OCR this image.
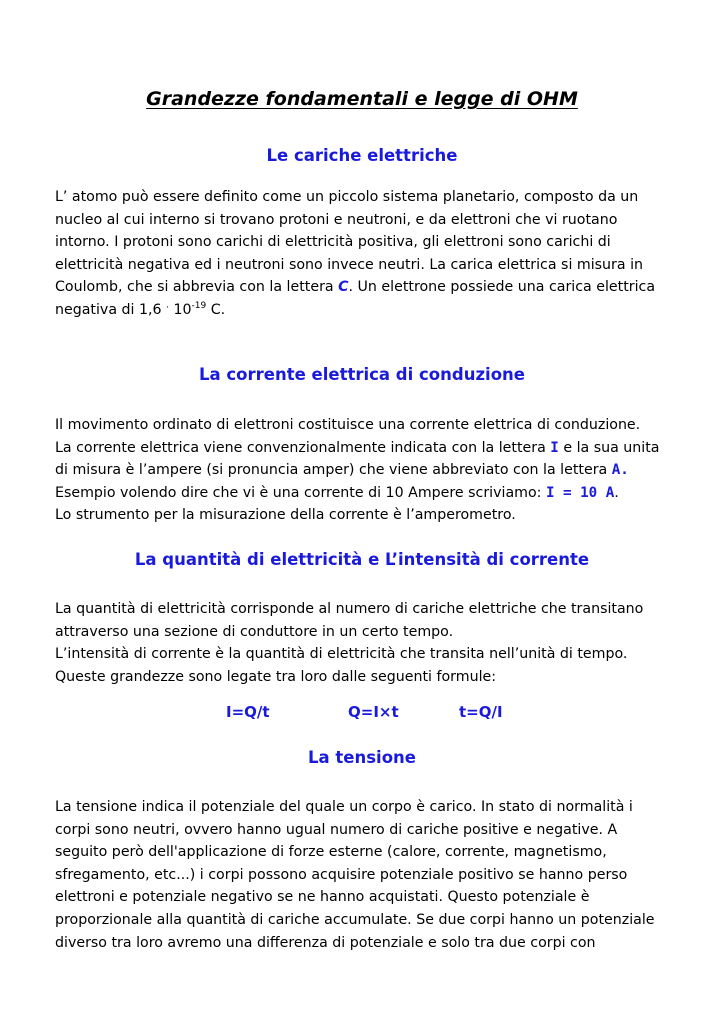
Grandezze fondamentali e legge di OHM
Le cariche elettriche
L’ atomo può essere definito come un piccolo sistema planetario, composto da un
nucleo al cui interno si trovano protoni e neutroni, e da elettroni che vi ruotano
intorno. I protoni sono carichi di elettricità positiva, gli elettroni sono carichi di
elettricità negativa ed i neutroni sono invece neutri. La carica elettrica si misura in
Coulomb, che si abbrevia con la lettera C. Un elettrone possiede una carica elettrica
negativa di 1,6 · $10^{-19}$ C.
La corrente elettrica di conduzione
Il movimento ordinato di elettroni costituisce una corrente elettrica di conduzione.
La corrente elettrica viene convenzionalmente indicata con la lettera I e la sua unita
di misura è l’ampere (si pronuncia amper) che viene abbreviato con la lettera A.
Esempio volendo dire che vi è una corrente di 10 Ampere scriviamo: I = 10 A.
Lo strumento per la misurazione della corrente è l’amperometro.
La quantità di elettricità e L’intensità di corrente
La quantità di elettricità corrisponde al numero di cariche elettriche che transitano
attraverso una sezione di conduttore in un certo tempo.
L’intensità di corrente è la quantità di elettricità che transita nell’unità di tempo.
Queste grandezze sono legate tra loro dalle seguenti formule:
I=Q/t	Q=I×t	t=Q/I
La tensione
La tensione indica il potenziale del quale un corpo è carico. In stato di normalità i
corpi sono neutri, ovvero hanno ugual numero di cariche positive e negative. A
seguito però dell'applicazione di forze esterne (calore, corrente, magnetismo,
sfregamento, etc...) i corpi possono acquisire potenziale positivo se hanno perso
elettroni e potenziale negativo se ne hanno acquistati. Questo potenziale è
proporzionale alla quantità di cariche accumulate. Se due corpi hanno un potenziale
diverso tra loro avremo una differenza di potenziale e solo tra due corpi con
